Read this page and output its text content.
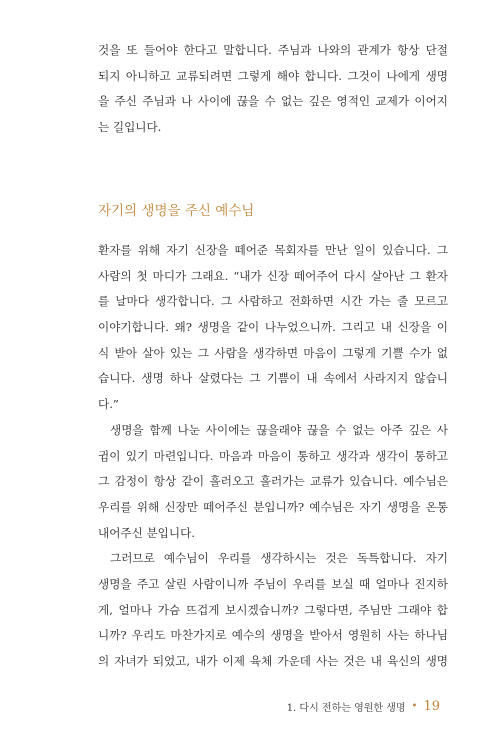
것을 또 들어야 한다고 말합니다. 주님과 나와의 관계가 항상 단절
되지 아니하고 교류되려면 그렇게 해야 합니다. 그것이 나에게 생명
을 주신 주님과 나 사이에 끊을 수 없는 깊은 영적인 교제가 이어지
는 길입니다.
자기의 생명을 주신 예수님
환자를 위해 자기 신장을 떼어준 목회자를 만난 일이 있습니다. 그
사람의 첫 마디가 그래요. “내가 신장 떼어주어 다시 살아난 그 환자
를 날마다 생각합니다. 그 사람하고 전화하면 시간 가는 줄 모르고
이야기합니다. 왜? 생명을 같이 나누었으니까. 그리고 내 신장을 이
식 받아 살아 있는 그 사람을 생각하면 마음이 그렇게 기쁠 수가 없
습니다. 생명 하나 살렸다는 그 기쁨이 내 속에서 사라지지 않습니
다.”
생명을 함께 나눈 사이에는 끊을래야 끊을 수 없는 아주 깊은 사
귐이 있기 마련입니다. 마음과 마음이 통하고 생각과 생각이 통하고
그 감정이 항상 같이 흘러오고 흘러가는 교류가 있습니다. 예수님은
우리를 위해 신장만 떼어주신 분입니까? 예수님은 자기 생명을 온통
내어주신 분입니다.
그러므로 예수님이 우리를 생각하시는 것은 독특합니다. 자기
생명을 주고 살린 사람이니까 주님이 우리를 보실 때 얼마나 진지하
게, 얼마나 가슴 뜨겁게 보시겠습니까? 그렇다면, 주님만 그래야 합
니까? 우리도 마찬가지로 예수의 생명을 받아서 영원히 사는 하나님
의 자녀가 되었고, 내가 이제 육체 가운데 사는 것은 내 육신의 생명
1. 다시 전하는 영원한 생명 • 19
